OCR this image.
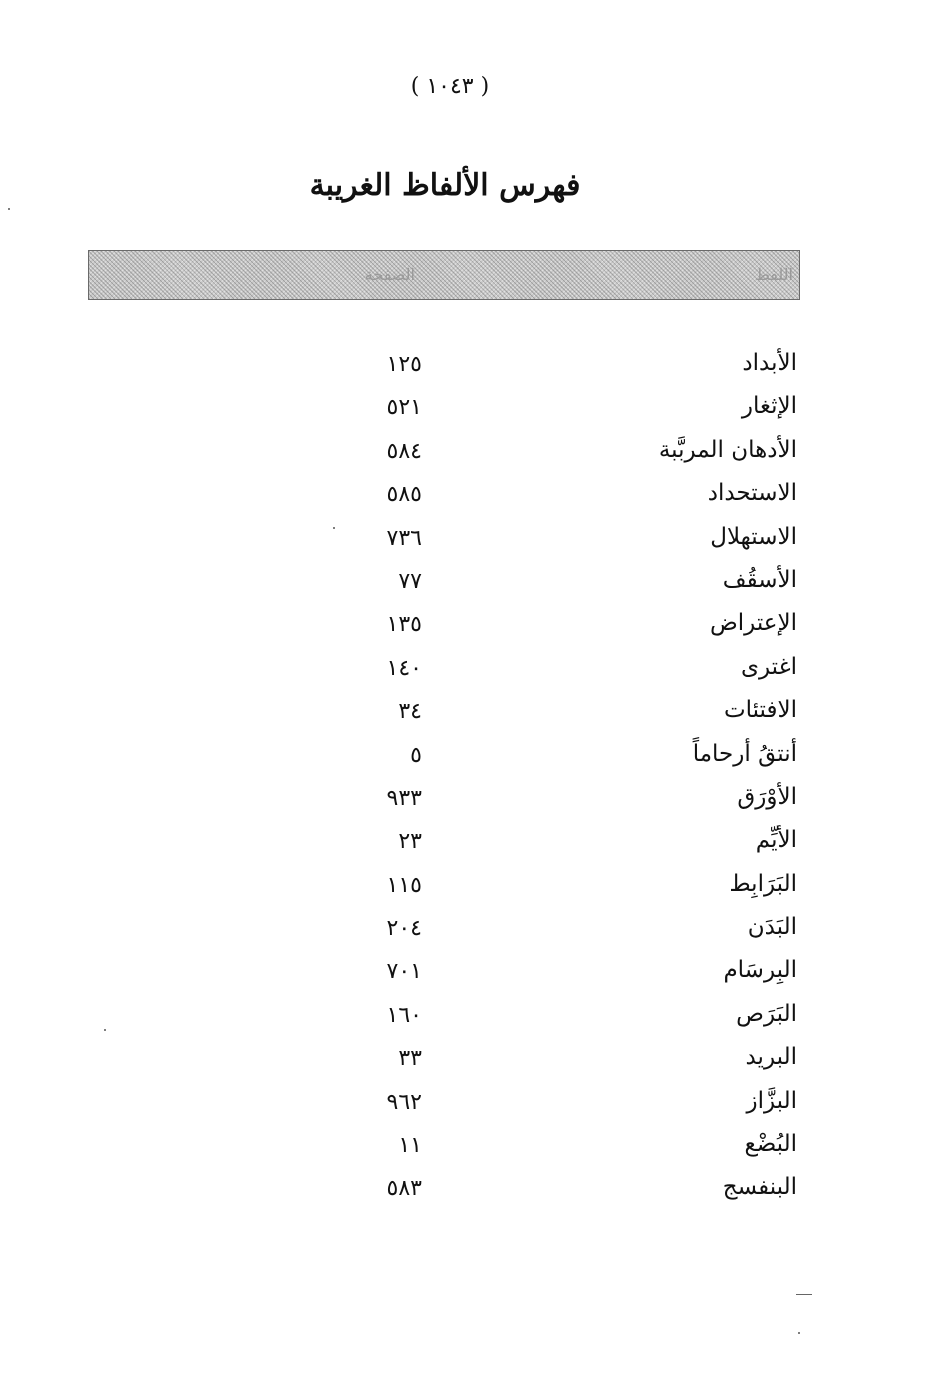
( ١٠٤٣ )
فهرس الألفاظ الغريبة
اللفظ
الصفحة
الأبداد
١٢٥
الإثغار
٥٢١
الأدهان المربَّبة
٥٨٤
الاستحداد
٥٨٥
الاستهلال
٧٣٦
الأسقُف
٧٧
الإعتراض
١٣٥
اغترى
١٤٠
الافتئات
٣٤
أنتقُ أرحاماً
٥
الأوْرَق
٩٣٣
الأيِّم
٢٣
البَرَابِط
١١٥
البَدَن
٢٠٤
البِرسَام
٧٠١
البَرَص
١٦٠
البريد
٣٣
البزَّاز
٩٦٢
البُضْع
١١
البنفسج
٥٨٣
